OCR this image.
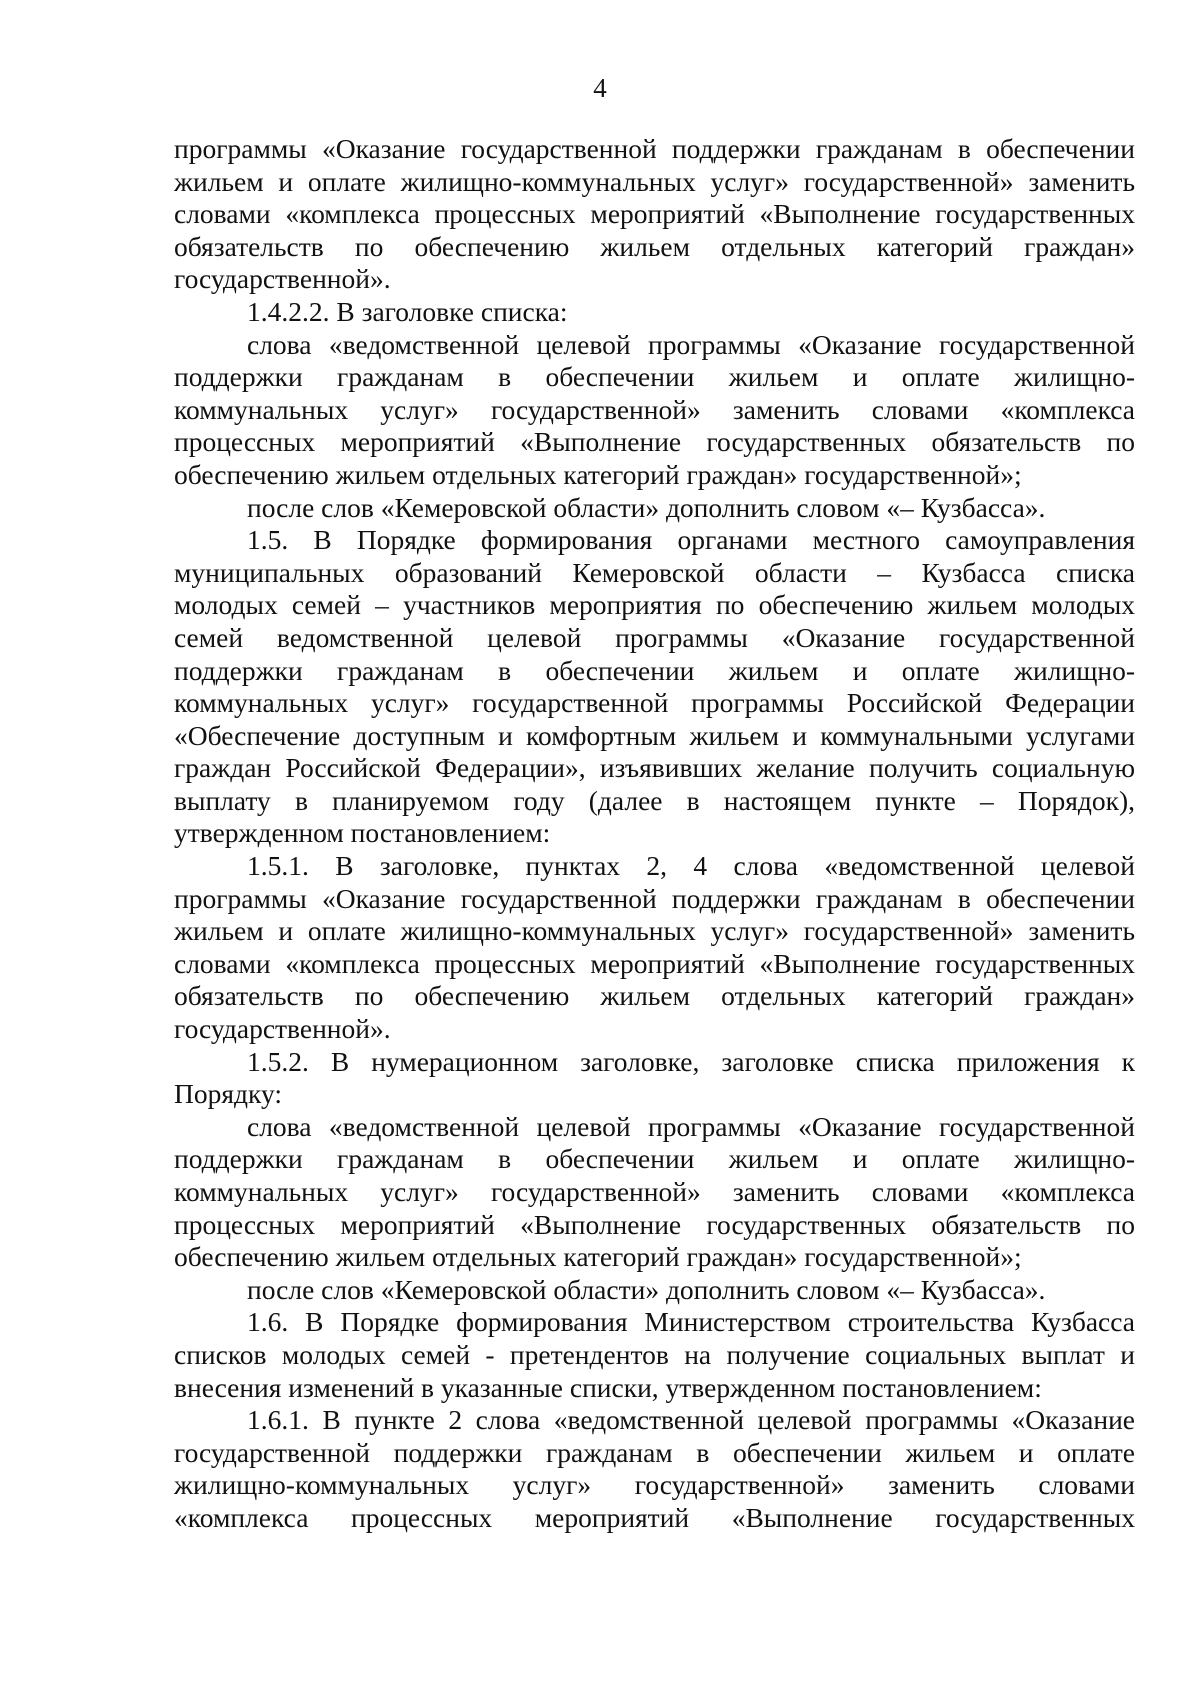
4
программы «Оказание государственной поддержки гражданам в обеспечении
жильем и оплате жилищно-коммунальных услуг» государственной» заменить
словами «комплекса процессных мероприятий «Выполнение государственных
обязательств по обеспечению жильем отдельных категорий граждан»
государственной».
1.4.2.2. В заголовке списка:
слова «ведомственной целевой программы «Оказание государственной
поддержки гражданам в обеспечении жильем и оплате жилищно-
коммунальных услуг» государственной» заменить словами «комплекса
процессных мероприятий «Выполнение государственных обязательств по
обеспечению жильем отдельных категорий граждан» государственной»;
после слов «Кемеровской области» дополнить словом «– Кузбасса».
1.5. В Порядке формирования органами местного самоуправления
муниципальных образований Кемеровской области – Кузбасса списка
молодых семей – участников мероприятия по обеспечению жильем молодых
семей ведомственной целевой программы «Оказание государственной
поддержки гражданам в обеспечении жильем и оплате жилищно-
коммунальных услуг» государственной программы Российской Федерации
«Обеспечение доступным и комфортным жильем и коммунальными услугами
граждан Российской Федерации», изъявивших желание получить социальную
выплату в планируемом году (далее в настоящем пункте – Порядок),
утвержденном постановлением:
1.5.1. В заголовке, пунктах 2, 4 слова «ведомственной целевой
программы «Оказание государственной поддержки гражданам в обеспечении
жильем и оплате жилищно-коммунальных услуг» государственной» заменить
словами «комплекса процессных мероприятий «Выполнение государственных
обязательств по обеспечению жильем отдельных категорий граждан»
государственной».
1.5.2. В нумерационном заголовке, заголовке списка приложения к
Порядку:
слова «ведомственной целевой программы «Оказание государственной
поддержки гражданам в обеспечении жильем и оплате жилищно-
коммунальных услуг» государственной» заменить словами «комплекса
процессных мероприятий «Выполнение государственных обязательств по
обеспечению жильем отдельных категорий граждан» государственной»;
после слов «Кемеровской области» дополнить словом «– Кузбасса».
1.6. В Порядке формирования Министерством строительства Кузбасса
списков молодых семей - претендентов на получение социальных выплат и
внесения изменений в указанные списки, утвержденном постановлением:
1.6.1. В пункте 2 слова «ведомственной целевой программы «Оказание
государственной поддержки гражданам в обеспечении жильем и оплате
жилищно-коммунальных услуг» государственной» заменить словами
«комплекса процессных мероприятий «Выполнение государственных
